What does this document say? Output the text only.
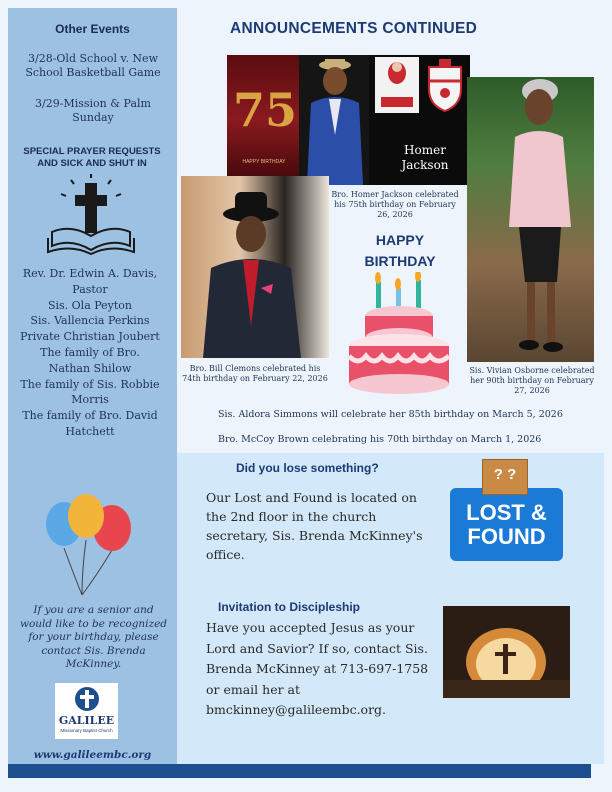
Other Events
3/28-Old School v. New School Basketball Game
3/29-Mission & Palm Sunday
SPECIAL PRAYER REQUESTS AND SICK AND SHUT IN
Rev. Dr. Edwin A. Davis, Pastor
Sis. Ola Peyton
Sis. Vallencia Perkins
Private Christian Joubert
The family of Bro. Nathan Shilow
The family of Sis. Robbie Morris
The family of Bro. David Hatchett
If you are a senior and would like to be recognized for your birthday, please contact Sis. Brenda McKinney.
GALILEE
Missionary Baptist Church
www.galileembc.org
ANNOUNCEMENTS CONTINUED
75
HAPPY BIRTHDAY
Homer Jackson
Bro. Homer Jackson celebrated his 75th birthday on February 26, 2026
Bro. Bill Clemons celebrated his 74th birthday on February 22, 2026
HAPPY BIRTHDAY
Sis. Vivian Osborne celebrated her 90th birthday on February 27, 2026
Sis. Aldora Simmons will celebrate her 85th birthday on March 5, 2026
Bro. McCoy Brown celebrating his 70th birthday on March 1, 2026
Did you lose something?
Our Lost and Found is located on the 2nd floor in the church secretary, Sis. Brenda McKinney's office.
LOST &
FOUND
? ?
Invitation to Discipleship
Have you accepted Jesus as your Lord and Savior? If so, contact Sis. Brenda McKinney at 713-697-1758 or email her at bmckinney@galileembc.org.
